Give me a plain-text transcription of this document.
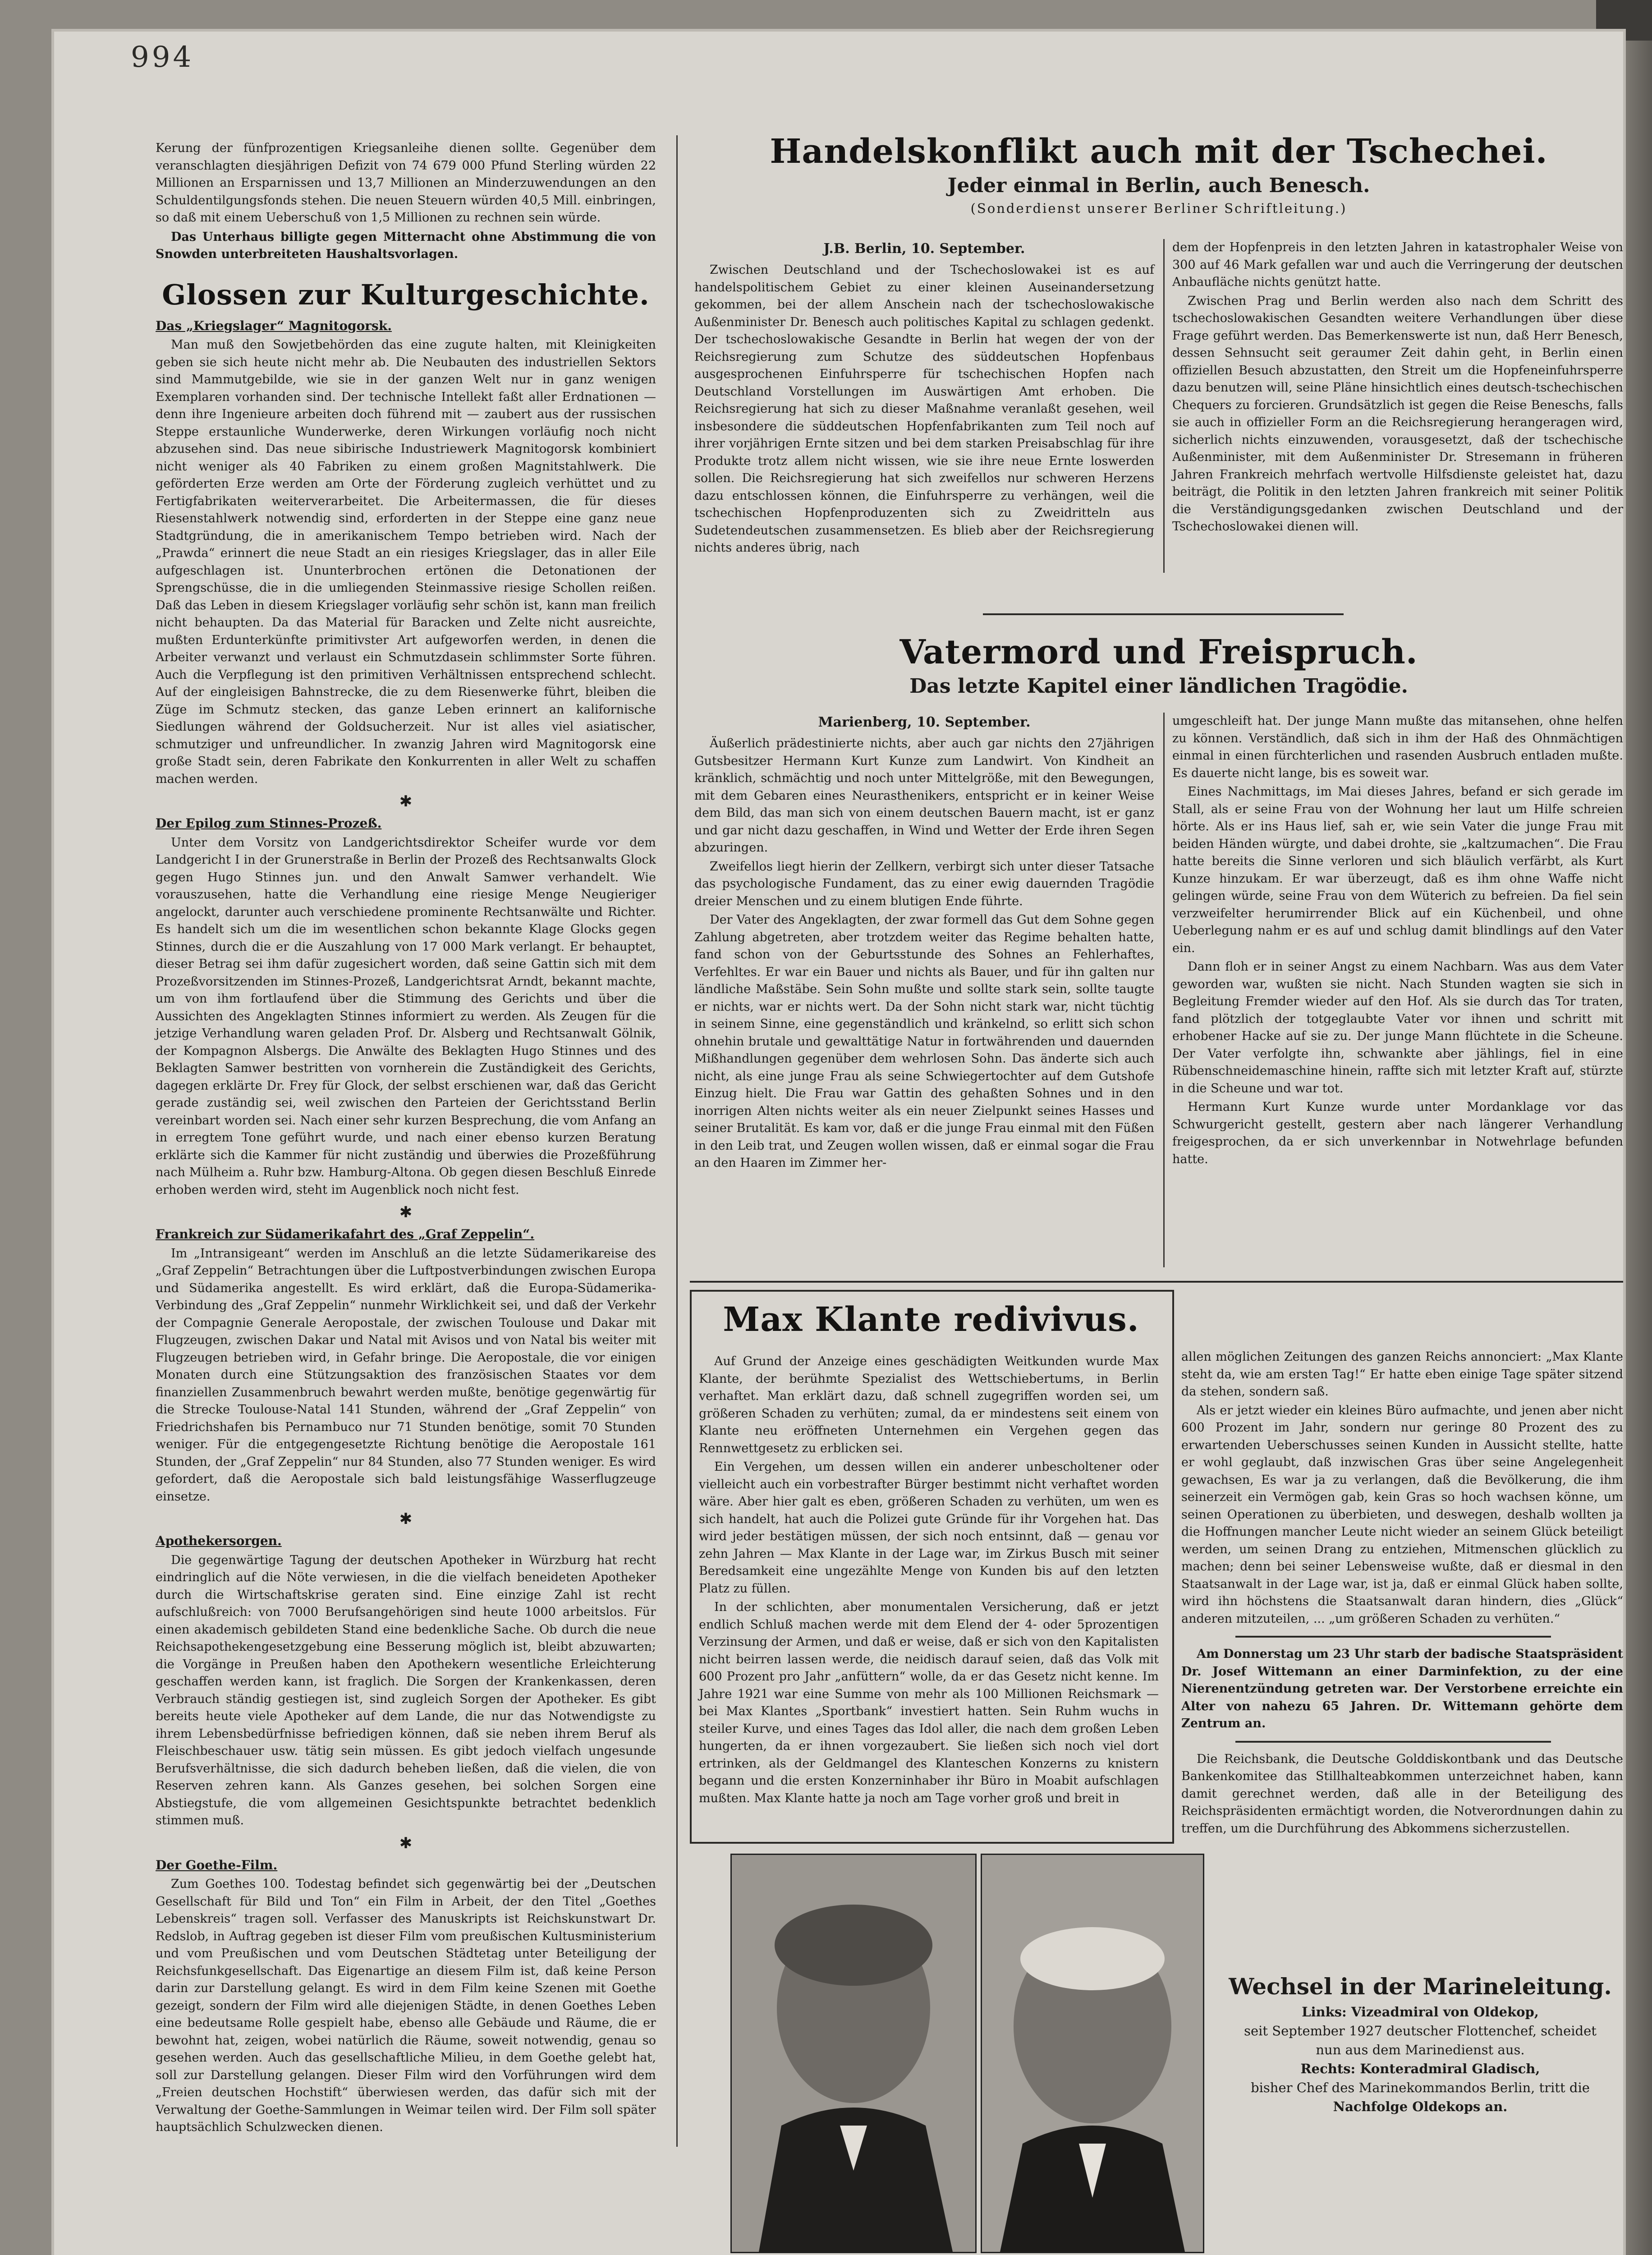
994

Kerung der fünfprozentigen Kriegsanleihe dienen sollte. Gegenüber dem veranschlagten diesjährigen Defizit von 74 679 000 Pfund Sterling würden 22 Millionen an Ersparnissen und 13,7 Millionen an Minderzuwendungen an den Schuldentilgungsfonds stehen. Die neuen Steuern würden 40,5 Mill. einbringen, so daß mit einem Ueberschuß von 1,5 Millionen zu rechnen sein würde.

Das Unterhaus billigte gegen Mitternacht ohne Abstimmung die von Snowden unterbreiteten Haushaltsvorlagen.

Glossen zur Kulturgeschichte.

Das „Kriegslager“ Magnitogorsk.

Man muß den Sowjetbehörden das eine zugute halten, mit Kleinigkeiten geben sie sich heute nicht mehr ab. Die Neubauten des industriellen Sektors sind Mammutgebilde, wie sie in der ganzen Welt nur in ganz wenigen Exemplaren vorhanden sind. Der technische Intellekt faßt aller Erdnationen — denn ihre Ingenieure arbeiten doch führend mit — zaubert aus der russischen Steppe erstaunliche Wunderwerke, deren Wirkungen vorläufig noch nicht abzusehen sind. Das neue sibirische Industriewerk Magnitogorsk kombiniert nicht weniger als 40 Fabriken zu einem großen Magnitstahlwerk. Die geförderten Erze werden am Orte der Förderung zugleich verhüttet und zu Fertigfabrikaten weiterverarbeitet. Die Arbeitermassen, die für dieses Riesenstahlwerk notwendig sind, erforderten in der Steppe eine ganz neue Stadtgründung, die in amerikanischem Tempo betrieben wird. Nach der „Prawda“ erinnert die neue Stadt an ein riesiges Kriegslager, das in aller Eile aufgeschlagen ist. Ununterbrochen ertönen die Detonationen der Sprengschüsse, die in die umliegenden Steinmassive riesige Schollen reißen. Daß das Leben in diesem Kriegslager vorläufig sehr schön ist, kann man freilich nicht behaupten. Da das Material für Baracken und Zelte nicht ausreichte, mußten Erdunterkünfte primitivster Art aufgeworfen werden, in denen die Arbeiter verwanzt und verlaust ein Schmutzdasein schlimmster Sorte führen. Auch die Verpflegung ist den primitiven Verhältnissen entsprechend schlecht. Auf der eingleisigen Bahnstrecke, die zu dem Riesenwerke führt, bleiben die Züge im Schmutz stecken, das ganze Leben erinnert an kalifornische Siedlungen während der Goldsucherzeit. Nur ist alles viel asiatischer, schmutziger und unfreundlicher. In zwanzig Jahren wird Magnitogorsk eine große Stadt sein, deren Fabrikate den Konkurrenten in aller Welt zu schaffen machen werden.

✱

Der Epilog zum Stinnes-Prozeß.

Unter dem Vorsitz von Landgerichtsdirektor Scheifer wurde vor dem Landgericht I in der Grunerstraße in Berlin der Prozeß des Rechtsanwalts Glock gegen Hugo Stinnes jun. und den Anwalt Samwer verhandelt. Wie vorauszusehen, hatte die Verhandlung eine riesige Menge Neugieriger angelockt, darunter auch verschiedene prominente Rechtsanwälte und Richter. Es handelt sich um die im wesentlichen schon bekannte Klage Glocks gegen Stinnes, durch die er die Auszahlung von 17 000 Mark verlangt. Er behauptet, dieser Betrag sei ihm dafür zugesichert worden, daß seine Gattin sich mit dem Prozeßvorsitzenden im Stinnes-Prozeß, Landgerichtsrat Arndt, bekannt machte, um von ihm fortlaufend über die Stimmung des Gerichts und über die Aussichten des Angeklagten Stinnes informiert zu werden. Als Zeugen für die jetzige Verhandlung waren geladen Prof. Dr. Alsberg und Rechtsanwalt Gölnik, der Kompagnon Alsbergs. Die Anwälte des Beklagten Hugo Stinnes und des Beklagten Samwer bestritten von vornherein die Zuständigkeit des Gerichts, dagegen erklärte Dr. Frey für Glock, der selbst erschienen war, daß das Gericht gerade zuständig sei, weil zwischen den Parteien der Gerichtsstand Berlin vereinbart worden sei. Nach einer sehr kurzen Besprechung, die vom Anfang an in erregtem Tone geführt wurde, und nach einer ebenso kurzen Beratung erklärte sich die Kammer für nicht zuständig und überwies die Prozeßführung nach Mülheim a. Ruhr bzw. Hamburg-Altona. Ob gegen diesen Beschluß Einrede erhoben werden wird, steht im Augenblick noch nicht fest.

✱

Frankreich zur Südamerikafahrt des „Graf Zeppelin“.

Im „Intransigeant“ werden im Anschluß an die letzte Südamerikareise des „Graf Zeppelin“ Betrachtungen über die Luftpostverbindungen zwischen Europa und Südamerika angestellt. Es wird erklärt, daß die Europa-Südamerika-Verbindung des „Graf Zeppelin“ nunmehr Wirklichkeit sei, und daß der Verkehr der Compagnie Generale Aeropostale, der zwischen Toulouse und Dakar mit Flugzeugen, zwischen Dakar und Natal mit Avisos und von Natal bis weiter mit Flugzeugen betrieben wird, in Gefahr bringe. Die Aeropostale, die vor einigen Monaten durch eine Stützungsaktion des französischen Staates vor dem finanziellen Zusammenbruch bewahrt werden mußte, benötige gegenwärtig für die Strecke Toulouse-Natal 141 Stunden, während der „Graf Zeppelin“ von Friedrichshafen bis Pernambuco nur 71 Stunden benötige, somit 70 Stunden weniger. Für die entgegengesetzte Richtung benötige die Aeropostale 161 Stunden, der „Graf Zeppelin“ nur 84 Stunden, also 77 Stunden weniger. Es wird gefordert, daß die Aeropostale sich bald leistungsfähige Wasserflugzeuge einsetze.

✱

Apothekersorgen.

Die gegenwärtige Tagung der deutschen Apotheker in Würzburg hat recht eindringlich auf die Nöte verwiesen, in die die vielfach beneideten Apotheker durch die Wirtschaftskrise geraten sind. Eine einzige Zahl ist recht aufschlußreich: von 7000 Berufsangehörigen sind heute 1000 arbeitslos. Für einen akademisch gebildeten Stand eine bedenkliche Sache. Ob durch die neue Reichsapothekengesetzgebung eine Besserung möglich ist, bleibt abzuwarten; die Vorgänge in Preußen haben den Apothekern wesentliche Erleichterung geschaffen werden kann, ist fraglich. Die Sorgen der Krankenkassen, deren Verbrauch ständig gestiegen ist, sind zugleich Sorgen der Apotheker. Es gibt bereits heute viele Apotheker auf dem Lande, die nur das Notwendigste zu ihrem Lebensbedürfnisse befriedigen können, daß sie neben ihrem Beruf als Fleischbeschauer usw. tätig sein müssen. Es gibt jedoch vielfach ungesunde Berufsverhältnisse, die sich dadurch beheben ließen, daß die vielen, die von Reserven zehren kann. Als Ganzes gesehen, bei solchen Sorgen eine Abstiegstufe, die vom allgemeinen Gesichtspunkte betrachtet bedenklich stimmen muß.

✱

Der Goethe-Film.

Zum Goethes 100. Todestag befindet sich gegenwärtig bei der „Deutschen Gesellschaft für Bild und Ton“ ein Film in Arbeit, der den Titel „Goethes Lebenskreis“ tragen soll. Verfasser des Manuskripts ist Reichskunstwart Dr. Redslob, in Auftrag gegeben ist dieser Film vom preußischen Kultusministerium und vom Preußischen und vom Deutschen Städtetag unter Beteiligung der Reichsfunkgesellschaft. Das Eigenartige an diesem Film ist, daß keine Person darin zur Darstellung gelangt. Es wird in dem Film keine Szenen mit Goethe gezeigt, sondern der Film wird alle diejenigen Städte, in denen Goethes Leben eine bedeutsame Rolle gespielt habe, ebenso alle Gebäude und Räume, die er bewohnt hat, zeigen, wobei natürlich die Räume, soweit notwendig, genau so gesehen werden. Auch das gesellschaftliche Milieu, in dem Goethe gelebt hat, soll zur Darstellung gelangen. Dieser Film wird den Vorführungen wird dem „Freien deutschen Hochstift“ überwiesen werden, das dafür sich mit der Verwaltung der Goethe-Sammlungen in Weimar teilen wird. Der Film soll später hauptsächlich Schulzwecken dienen.

Handelskonflikt auch mit der Tschechei.
Jeder einmal in Berlin, auch Benesch.
(Sonderdienst unserer Berliner Schriftleitung.)
J.B. Berlin, 10. September.

Zwischen Deutschland und der Tschechoslowakei ist es auf handelspolitischem Gebiet zu einer kleinen Auseinandersetzung gekommen, bei der allem Anschein nach der tschechoslowakische Außenminister Dr. Benesch auch politisches Kapital zu schlagen gedenkt. Der tschechoslowakische Gesandte in Berlin hat wegen der von der Reichsregierung zum Schutze des süddeutschen Hopfenbaus ausgesprochenen Einfuhrsperre für tschechischen Hopfen nach Deutschland Vorstellungen im Auswärtigen Amt erhoben. Die Reichsregierung hat sich zu dieser Maßnahme veranlaßt gesehen, weil insbesondere die süddeutschen Hopfenfabrikanten zum Teil noch auf ihrer vorjährigen Ernte sitzen und bei dem starken Preisabschlag für ihre Produkte trotz allem nicht wissen, wie sie ihre neue Ernte loswerden sollen. Die Reichsregierung hat sich zweifellos nur schweren Herzens dazu entschlossen können, die Einfuhrsperre zu verhängen, weil die tschechischen Hopfenproduzenten sich zu Zweidritteln aus Sudetendeutschen zusammensetzen. Es blieb aber der Reichsregierung nichts anderes übrig, nach

dem der Hopfenpreis in den letzten Jahren in katastrophaler Weise von 300 auf 46 Mark gefallen war und auch die Verringerung der deutschen Anbaufläche nichts genützt hatte.

Zwischen Prag und Berlin werden also nach dem Schritt des tschechoslowakischen Gesandten weitere Verhandlungen über diese Frage geführt werden. Das Bemerkenswerte ist nun, daß Herr Benesch, dessen Sehnsucht seit geraumer Zeit dahin geht, in Berlin einen offiziellen Besuch abzustatten, den Streit um die Hopfeneinfuhrsperre dazu benutzen will, seine Pläne hinsichtlich eines deutsch-tschechischen Chequers zu forcieren. Grundsätzlich ist gegen die Reise Beneschs, falls sie auch in offizieller Form an die Reichsregierung herangeragen wird, sicherlich nichts einzuwenden, vorausgesetzt, daß der tschechische Außenminister, mit dem Außenminister Dr. Stresemann in früheren Jahren Frankreich mehrfach wertvolle Hilfsdienste geleistet hat, dazu beiträgt, die Politik in den letzten Jahren frankreich mit seiner Politik die Verständigungsgedanken zwischen Deutschland und der Tschechoslowakei dienen will.

Vatermord und Freispruch.
Das letzte Kapitel einer ländlichen Tragödie.
Marienberg, 10. September.

Äußerlich prädestinierte nichts, aber auch gar nichts den 27jährigen Gutsbesitzer Hermann Kurt Kunze zum Landwirt. Von Kindheit an kränklich, schmächtig und noch unter Mittelgröße, mit den Bewegungen, mit dem Gebaren eines Neurasthenikers, entspricht er in keiner Weise dem Bild, das man sich von einem deutschen Bauern macht, ist er ganz und gar nicht dazu geschaffen, in Wind und Wetter der Erde ihren Segen abzuringen.

Zweifellos liegt hierin der Zellkern, verbirgt sich unter dieser Tatsache das psychologische Fundament, das zu einer ewig dauernden Tragödie dreier Menschen und zu einem blutigen Ende führte.

Der Vater des Angeklagten, der zwar formell das Gut dem Sohne gegen Zahlung abgetreten, aber trotzdem weiter das Regime behalten hatte, fand schon von der Geburtsstunde des Sohnes an Fehlerhaftes, Verfehltes. Er war ein Bauer und nichts als Bauer, und für ihn galten nur ländliche Maßstäbe. Sein Sohn mußte und sollte stark sein, sollte taugte er nichts, war er nichts wert. Da der Sohn nicht stark war, nicht tüchtig in seinem Sinne, eine gegenständlich und kränkelnd, so erlitt sich schon ohnehin brutale und gewalttätige Natur in fortwährenden und dauernden Mißhandlungen gegenüber dem wehrlosen Sohn. Das änderte sich auch nicht, als eine junge Frau als seine Schwiegertochter auf dem Gutshofe Einzug hielt. Die Frau war Gattin des gehaßten Sohnes und in den inorrigen Alten nichts weiter als ein neuer Zielpunkt seines Hasses und seiner Brutalität. Es kam vor, daß er die junge Frau einmal mit den Füßen in den Leib trat, und Zeugen wollen wissen, daß er einmal sogar die Frau an den Haaren im Zimmer her-

umgeschleift hat. Der junge Mann mußte das mitansehen, ohne helfen zu können. Verständlich, daß sich in ihm der Haß des Ohnmächtigen einmal in einen fürchterlichen und rasenden Ausbruch entladen mußte. Es dauerte nicht lange, bis es soweit war.

Eines Nachmittags, im Mai dieses Jahres, befand er sich gerade im Stall, als er seine Frau von der Wohnung her laut um Hilfe schreien hörte. Als er ins Haus lief, sah er, wie sein Vater die junge Frau mit beiden Händen würgte, und dabei drohte, sie „kaltzumachen“. Die Frau hatte bereits die Sinne verloren und sich bläulich verfärbt, als Kurt Kunze hinzukam. Er war überzeugt, daß es ihm ohne Waffe nicht gelingen würde, seine Frau von dem Wüterich zu befreien. Da fiel sein verzweifelter herumirrender Blick auf ein Küchenbeil, und ohne Ueberlegung nahm er es auf und schlug damit blindlings auf den Vater ein.

Dann floh er in seiner Angst zu einem Nachbarn. Was aus dem Vater geworden war, wußten sie nicht. Nach Stunden wagten sie sich in Begleitung Fremder wieder auf den Hof. Als sie durch das Tor traten, fand plötzlich der totgeglaubte Vater vor ihnen und schritt mit erhobener Hacke auf sie zu. Der junge Mann flüchtete in die Scheune. Der Vater verfolgte ihn, schwankte aber jählings, fiel in eine Rübenschneidemaschine hinein, raffte sich mit letzter Kraft auf, stürzte in die Scheune und war tot.

Hermann Kurt Kunze wurde unter Mordanklage vor das Schwurgericht gestellt, gestern aber nach längerer Verhandlung freigesprochen, da er sich unverkennbar in Notwehrlage befunden hatte.

Max Klante redivivus.

Auf Grund der Anzeige eines geschädigten Weitkunden wurde Max Klante, der berühmte Spezialist des Wettschiebertums, in Berlin verhaftet. Man erklärt dazu, daß schnell zugegriffen worden sei, um größeren Schaden zu verhüten; zumal, da er mindestens seit einem von Klante neu eröffneten Unternehmen ein Vergehen gegen das Rennwettgesetz zu erblicken sei.

Ein Vergehen, um dessen willen ein anderer unbescholtener oder vielleicht auch ein vorbestrafter Bürger bestimmt nicht verhaftet worden wäre. Aber hier galt es eben, größeren Schaden zu verhüten, um wen es sich handelt, hat auch die Polizei gute Gründe für ihr Vorgehen hat. Das wird jeder bestätigen müssen, der sich noch entsinnt, daß — genau vor zehn Jahren — Max Klante in der Lage war, im Zirkus Busch mit seiner Beredsamkeit eine ungezählte Menge von Kunden bis auf den letzten Platz zu füllen.

In der schlichten, aber monumentalen Versicherung, daß er jetzt endlich Schluß machen werde mit dem Elend der 4- oder 5prozentigen Verzinsung der Armen, und daß er weise, daß er sich von den Kapitalisten nicht beirren lassen werde, die neidisch darauf seien, daß das Volk mit 600 Prozent pro Jahr „anfüttern“ wolle, da er das Gesetz nicht kenne. Im Jahre 1921 war eine Summe von mehr als 100 Millionen Reichsmark — bei Max Klantes „Sportbank“ investiert hatten. Sein Ruhm wuchs in steiler Kurve, und eines Tages das Idol aller, die nach dem großen Leben hungerten, da er ihnen vorgezaubert. Sie ließen sich noch viel dort ertrinken, als der Geldmangel des Klanteschen Konzerns zu knistern begann und die ersten Konzerninhaber ihr Büro in Moabit aufschlagen mußten. Max Klante hatte ja noch am Tage vorher groß und breit in

allen möglichen Zeitungen des ganzen Reichs annonciert: „Max Klante steht da, wie am ersten Tag!“ Er hatte eben einige Tage später sitzend da stehen, sondern saß.

Als er jetzt wieder ein kleines Büro aufmachte, und jenen aber nicht 600 Prozent im Jahr, sondern nur geringe 80 Prozent des zu erwartenden Ueberschusses seinen Kunden in Aussicht stellte, hatte er wohl geglaubt, daß inzwischen Gras über seine Angelegenheit gewachsen, Es war ja zu verlangen, daß die Bevölkerung, die ihm seinerzeit ein Vermögen gab, kein Gras so hoch wachsen könne, um seinen Operationen zu überbieten, und deswegen, deshalb wollten ja die Hoffnungen mancher Leute nicht wieder an seinem Glück beteiligt werden, um seinen Drang zu entziehen, Mitmenschen glücklich zu machen; denn bei seiner Lebensweise wußte, daß er diesmal in den Staatsanwalt in der Lage war, ist ja, daß er einmal Glück haben sollte, wird ihn höchstens die Staatsanwalt daran hindern, dies „Glück“ anderen mitzuteilen, ... „um größeren Schaden zu verhüten.“

Am Donnerstag um 23 Uhr starb der badische Staatspräsident Dr. Josef Wittemann an einer Darminfektion, zu der eine Nierenentzündung getreten war. Der Verstorbene erreichte ein Alter von nahezu 65 Jahren. Dr. Wittemann gehörte dem Zentrum an.

Die Reichsbank, die Deutsche Golddiskontbank und das Deutsche Bankenkomitee das Stillhalteabkommen unterzeichnet haben, kann damit gerechnet werden, daß alle in der Beteiligung des Reichspräsidenten ermächtigt worden, die Notverordnungen dahin zu treffen, um die Durchführung des Abkommens sicherzustellen.

Wechsel in der Marineleitung.
Links: Vizeadmiral von Oldekop,
seit September 1927 deutscher Flottenchef, scheidet
nun aus dem Marinedienst aus.
Rechts: Konteradmiral Gladisch,
bisher Chef des Marinekommandos Berlin, tritt die
Nachfolge Oldekops an.
